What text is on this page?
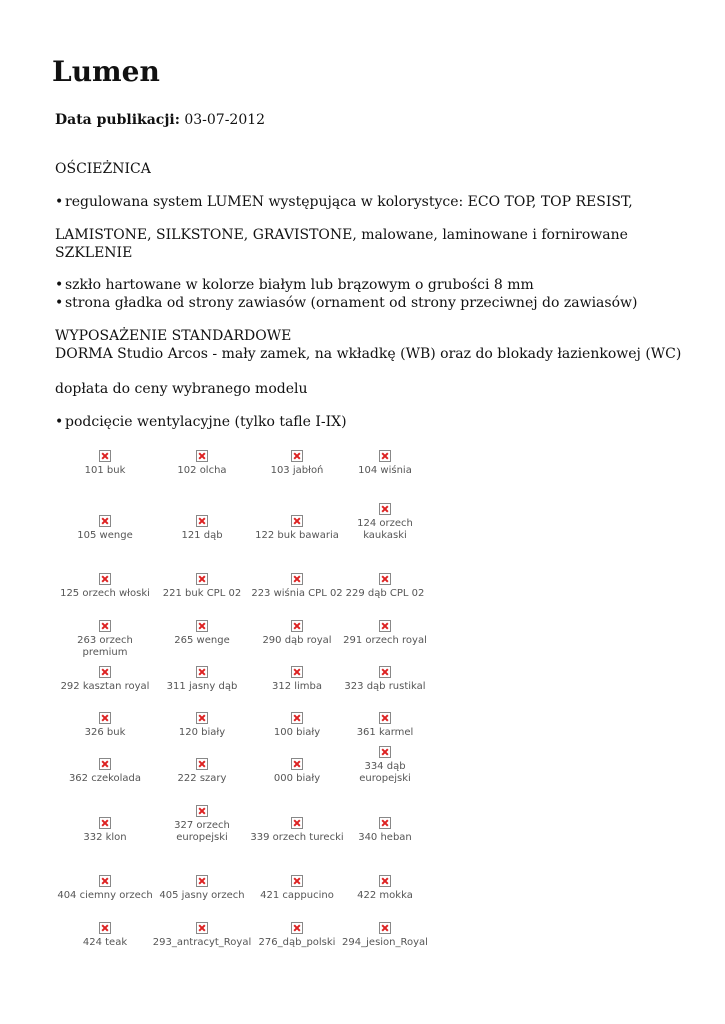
Lumen
Data publikacji: 03-07-2012
OŚCIEŻNICA
• regulowana system LUMEN występująca w kolorystyce: ECO TOP, TOP RESIST,
LAMISTONE, SILKSTONE, GRAVISTONE, malowane, laminowane i fornirowane
SZKLENIE
• szkło hartowane w kolorze białym lub brązowym o grubości 8 mm
• strona gładka od strony zawiasów (ornament od strony przeciwnej do zawiasów)
WYPOSAŻENIE STANDARDOWE
DORMA Studio Arcos - mały zamek, na wkładkę (WB) oraz do blokady łazienkowej (WC)
dopłata do ceny wybranego modelu
• podcięcie wentylacyjne (tylko tafle I-IX)
101 buk	102 olcha	103 jabłoń	104 wiśnia
105 wenge	121 dąb	122 buk bawaria
124 orzech
kaukaski
125 orzech włoski	221 buk CPL 02	223 wiśnia CPL 02 229 dąb CPL 02
263 orzech premium
265 wenge	290 dąb royal	291 orzech royal
292 kasztan royal	311 jasny dąb	312 limba	323 dąb rustikal
326 buk	120 biały	100 biały	361 karmel
362 czekolada	222 szary	000 biały
334 dąb
europejski
332 klon
327 orzech
europejski	339 orzech turecki	340 heban
404 ciemny orzech 405 jasny orzech	421 cappucino	422 mokka
424 teak	293_antracyt_Royal 276_dąb_polski 294_jesion_Royal
